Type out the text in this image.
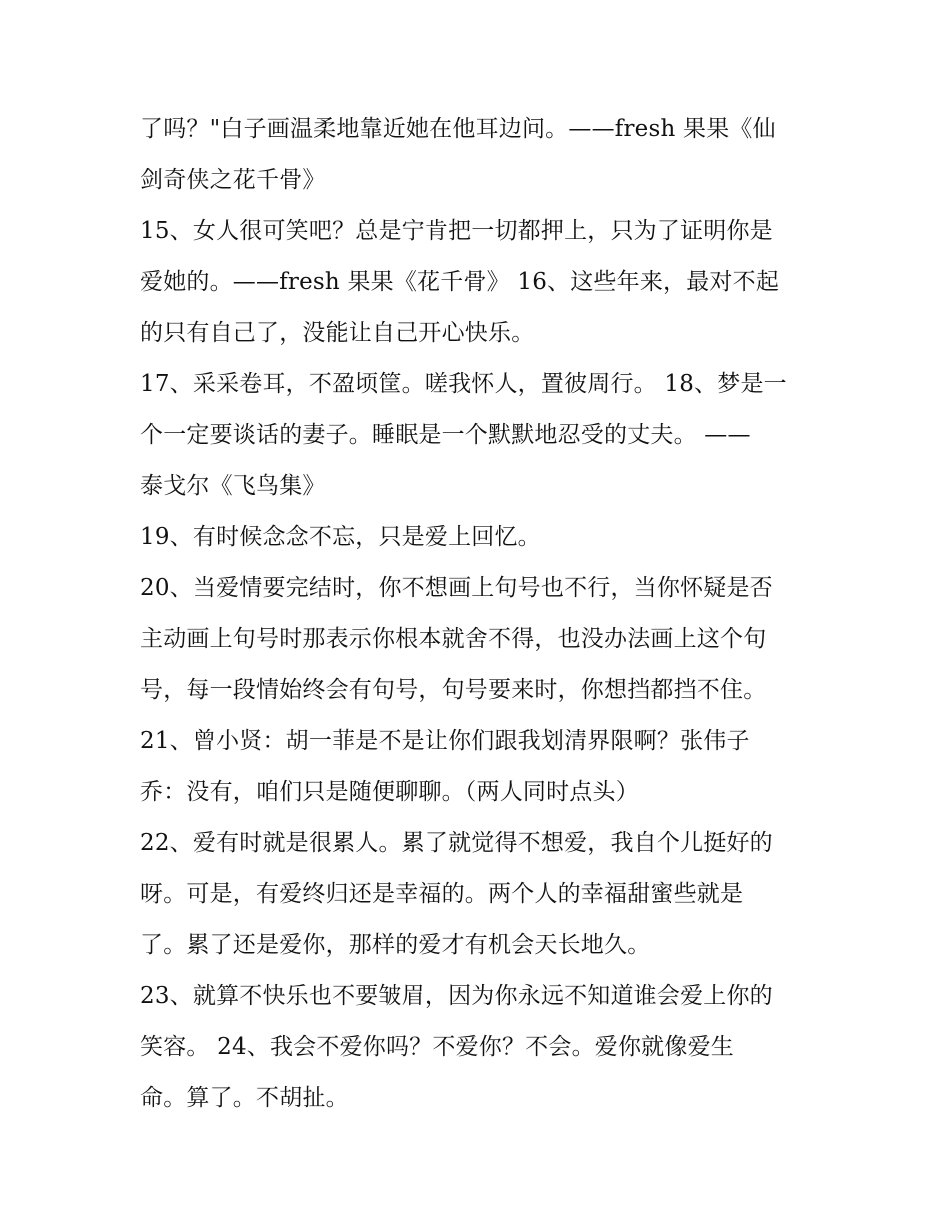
了吗？"白子画温柔地靠近她在他耳边问。——fresh 果果《仙
剑奇侠之花千骨》
15、女人很可笑吧？总是宁肯把一切都押上，只为了证明你是
爱她的。——fresh 果果《花千骨》 16、这些年来，最对不起
的只有自己了，没能让自己开心快乐。
17、采采卷耳，不盈顷筐。嗟我怀人，置彼周行。 18、梦是一
个一定要谈话的妻子。睡眠是一个默默地忍受的丈夫。 ——
泰戈尔《飞鸟集》
19、有时候念念不忘，只是爱上回忆。
20、当爱情要完结时，你不想画上句号也不行，当你怀疑是否
主动画上句号时那表示你根本就舍不得，也没办法画上这个句
号，每一段情始终会有句号，句号要来时，你想挡都挡不住。
21、曾小贤：胡一菲是不是让你们跟我划清界限啊？张伟子
乔：没有，咱们只是随便聊聊。（两人同时点头）
22、爱有时就是很累人。累了就觉得不想爱，我自个儿挺好的
呀。可是，有爱终归还是幸福的。两个人的幸福甜蜜些就是
了。累了还是爱你，那样的爱才有机会天长地久。
23、就算不快乐也不要皱眉，因为你永远不知道谁会爱上你的
笑容。 24、我会不爱你吗？不爱你？不会。爱你就像爱生
命。算了。不胡扯。
